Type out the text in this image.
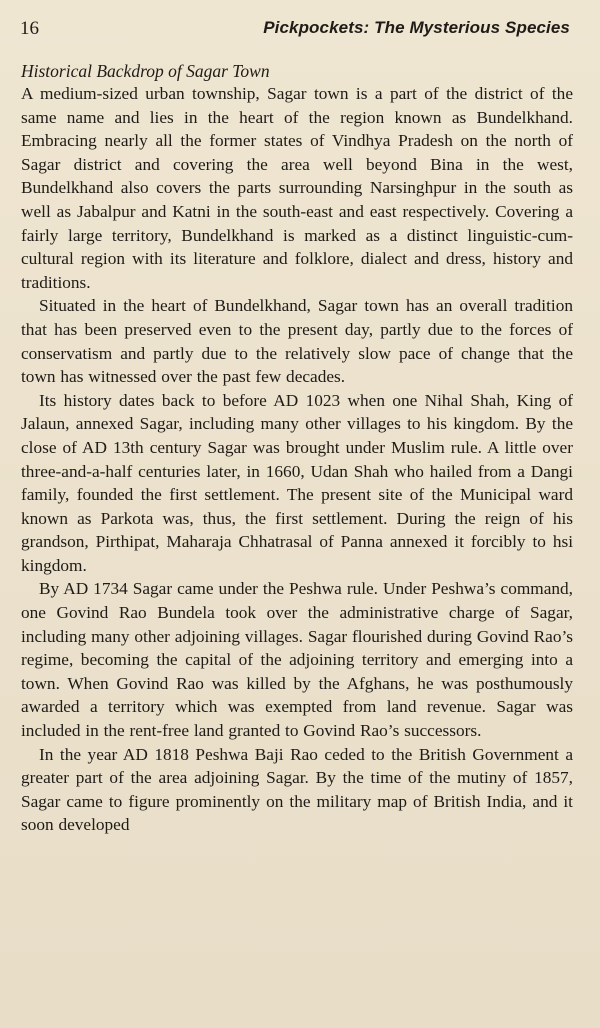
16	Pickpockets: The Mysterious Species
Historical Backdrop of Sagar Town

A medium-sized urban township, Sagar town is a part of the district of the same name and lies in the heart of the region known as Bundelkhand. Embracing nearly all the former states of Vindhya Pradesh on the north of Sagar district and covering the area well beyond Bina in the west, Bundelkhand also covers the parts surrounding Narsinghpur in the south as well as Jabalpur and Katni in the south-east and east respectively. Covering a fairly large territory, Bundelkhand is marked as a distinct linguistic-cum-cultural region with its literature and folklore, dialect and dress, history and traditions.

Situated in the heart of Bundelkhand, Sagar town has an overall tradition that has been preserved even to the present day, partly due to the forces of conservatism and partly due to the relatively slow pace of change that the town has witnessed over the past few decades.

Its history dates back to before AD 1023 when one Nihal Shah, King of Jalaun, annexed Sagar, including many other villages to his kingdom. By the close of AD 13th century Sagar was brought under Muslim rule. A little over three-and-a-half centuries later, in 1660, Udan Shah who hailed from a Dangi family, founded the first settlement. The present site of the Municipal ward known as Parkota was, thus, the first settlement. During the reign of his grandson, Pirthipat, Maharaja Chhatrasal of Panna annexed it forcibly to hsi kingdom.

By AD 1734 Sagar came under the Peshwa rule. Under Peshwa’s command, one Govind Rao Bundela took over the administrative charge of Sagar, including many other adjoining villages. Sagar flourished during Govind Rao’s regime, becoming the capital of the adjoining territory and emerging into a town. When Govind Rao was killed by the Afghans, he was posthumously awarded a territory which was exempted from land revenue. Sagar was included in the rent-free land granted to Govind Rao’s successors.

In the year AD 1818 Peshwa Baji Rao ceded to the British Government a greater part of the area adjoining Sagar. By the time of the mutiny of 1857, Sagar came to figure prominently on the military map of British India, and it soon developed
